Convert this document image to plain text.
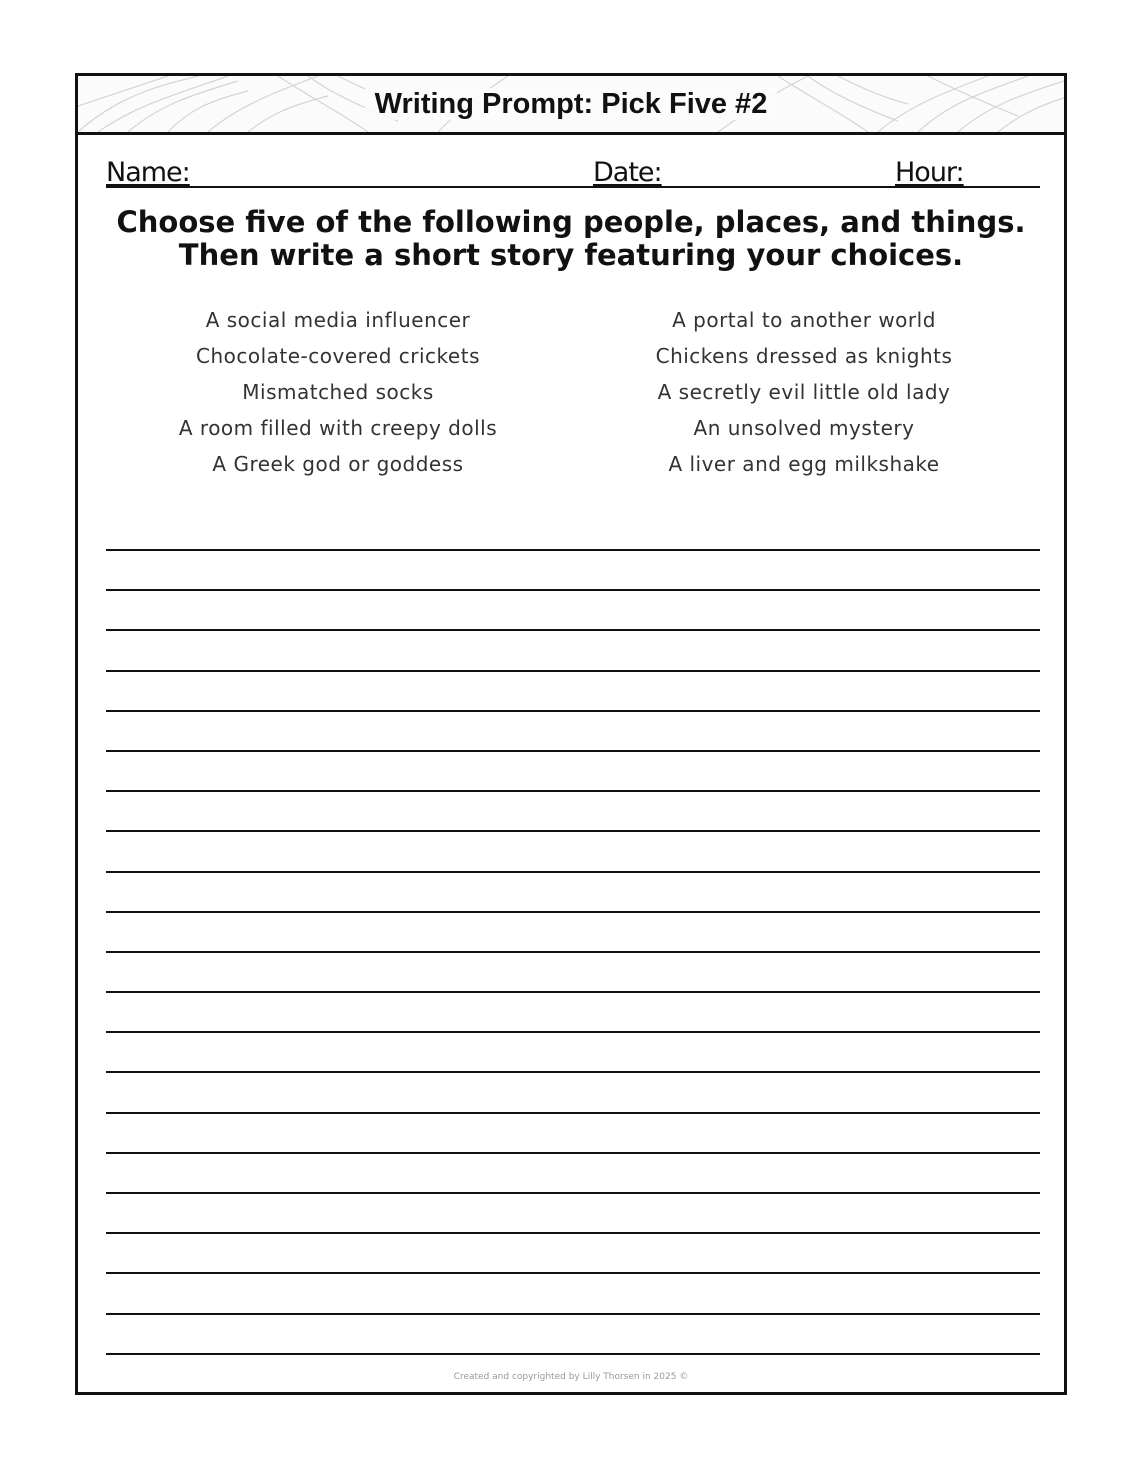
Writing Prompt: Pick Five #2
Name:	Date:	Hour:
Choose five of the following people, places, and things.
Then write a short story featuring your choices.
A social media influencer
Chocolate-covered crickets
Mismatched socks
A room filled with creepy dolls
A Greek god or goddess
A portal to another world
Chickens dressed as knights
A secretly evil little old lady
An unsolved mystery
A liver and egg milkshake
Created and copyrighted by Lilly Thorsen in 2025 ©
